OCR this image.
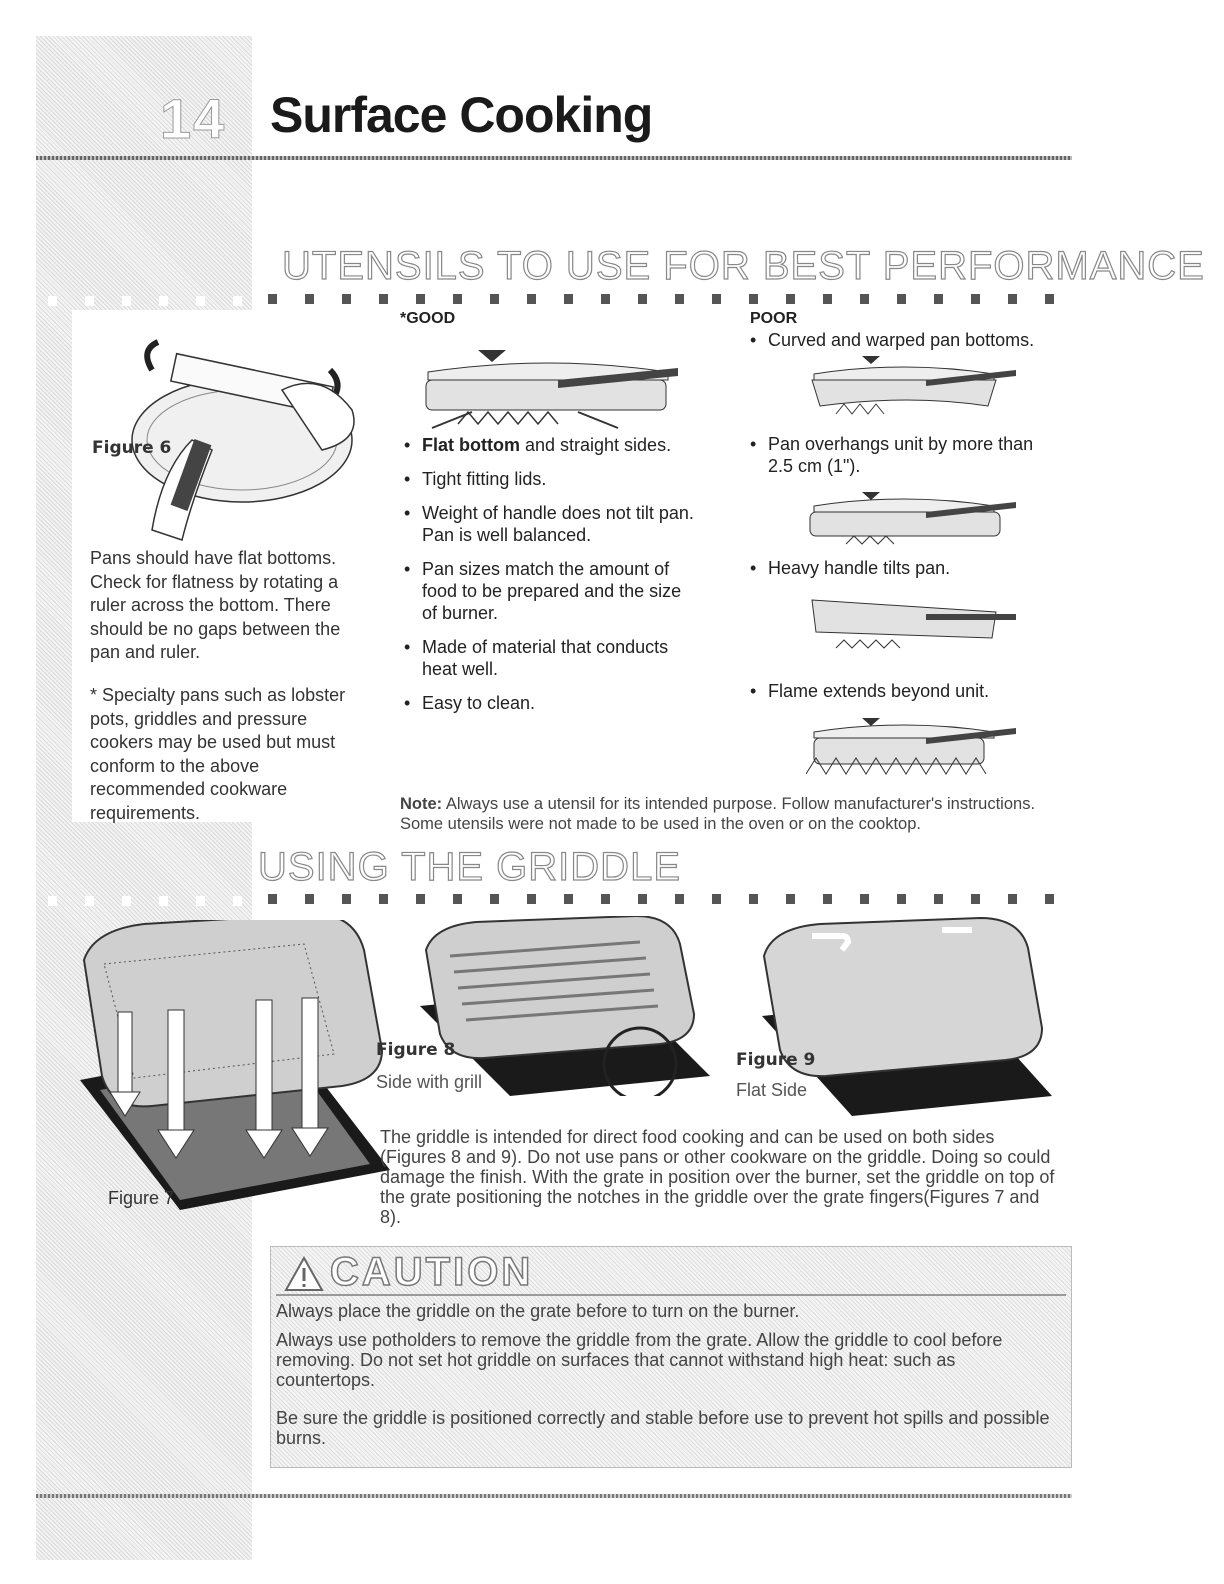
14 Surface Cooking
UTENSILS TO USE FOR BEST PERFORMANCE
Figure 6
Pans should have flat bottoms. Check for flatness by rotating a ruler across the bottom. There should be no gaps between the pan and ruler.
* Specialty pans such as lobster pots, griddles and pressure cookers may be used but must conform to the above recommended cookware requirements.
*GOOD
• Flat bottom and straight sides.
• Tight fitting lids.
• Weight of handle does not tilt pan. Pan is well balanced.
• Pan sizes match the amount of food to be prepared and the size of burner.
• Made of material that conducts heat well.
• Easy to clean.
POOR
• Curved and warped pan bottoms.
• Pan overhangs unit by more than 2.5 cm (1").
• Heavy handle tilts pan.
• Flame extends beyond unit.
Note: Always use a utensil for its intended purpose. Follow manufacturer's instructions. Some utensils were not made to be used in the oven or on the cooktop.
USING THE GRIDDLE
Figure 7
Figure 8
Side with grill
Figure 9
Flat Side
The griddle is intended for direct food cooking and can be used on both sides (Figures 8 and 9). Do not use pans or other cookware on the griddle. Doing so could damage the finish. With the grate in position over the burner, set the griddle on top of the grate positioning the notches in the griddle over the grate fingers(Figures 7 and 8).
CAUTION
Always place the griddle on the grate before to turn on the burner.
Always use potholders to remove the griddle from the grate. Allow the griddle to cool before removing. Do not set hot griddle on surfaces that cannot withstand high heat: such as countertops.
Be sure the griddle is positioned correctly and stable before use to prevent hot spills and possible burns.
